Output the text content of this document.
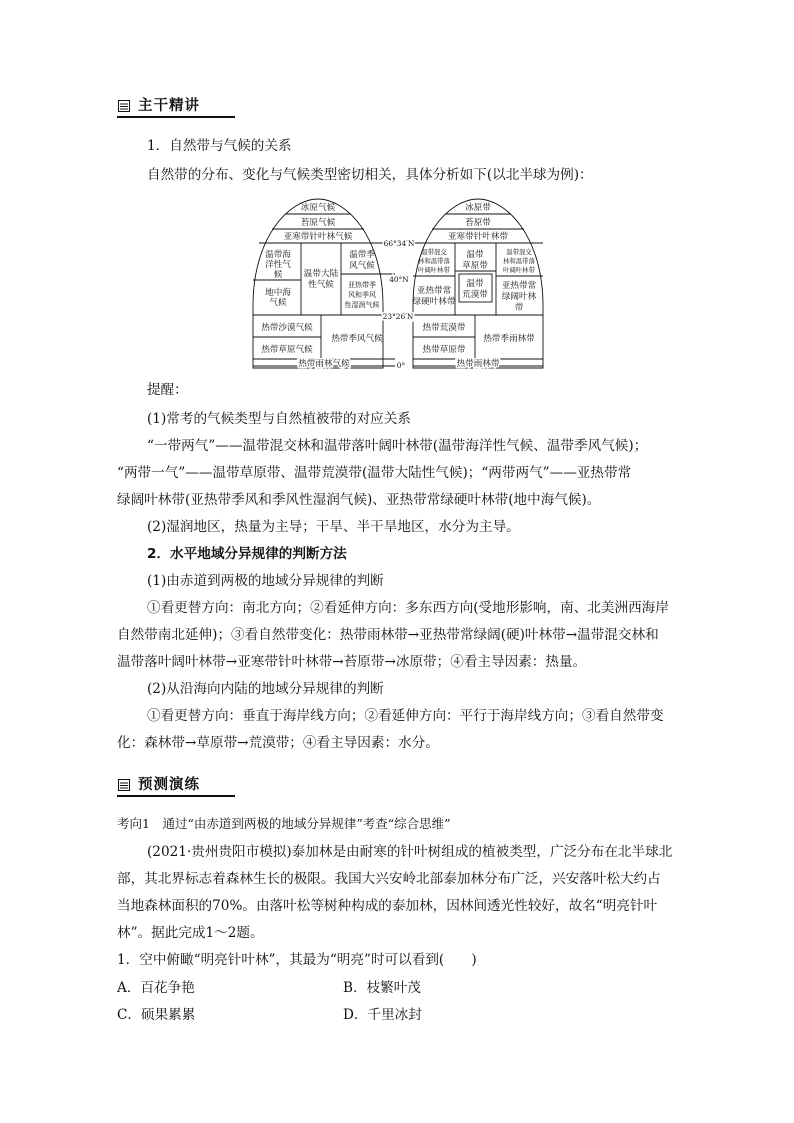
主干精讲
1．自然带与气候的关系
自然带的分布、变化与气候类型密切相关，具体分析如下(以北半球为例)：
冰原气候
苔原气候
亚寒带针叶林气候
温带海
洋性气
候
地中海
气候
温带大陆
性气候
温带季
风气候
亚热带季
风和季风
性湿润气候
热带沙漠气候
热带草原气候
热带季风气候
热带雨林气候
冰原带
苔原带
亚寒带针叶林带
温带混交
林和温带落
叶阔叶林带
温带混交
林和温带落
叶阔叶林带
温带
草原带
温带
荒漠带
亚热带常
绿硬叶林带
亚热带常
绿阔叶林
带
热带荒漠带
热带草原带
热带季雨林带
热带雨林带
66°34′N
40°N
23°26′N
0°
提醒：
(1)常考的气候类型与自然植被带的对应关系
“一带两气”——温带混交林和温带落叶阔叶林带(温带海洋性气候、温带季风气候)；
“两带一气”——温带草原带、温带荒漠带(温带大陆性气候)；“两带两气”——亚热带常
绿阔叶林带(亚热带季风和季风性湿润气候)、亚热带常绿硬叶林带(地中海气候)。
(2)湿润地区，热量为主导；干旱、半干旱地区，水分为主导。
2．水平地域分异规律的判断方法
(1)由赤道到两极的地域分异规律的判断
①看更替方向：南北方向；②看延伸方向：多东西方向(受地形影响，南、北美洲西海岸
自然带南北延伸)；③看自然带变化：热带雨林带→亚热带常绿阔(硬)叶林带→温带混交林和
温带落叶阔叶林带→亚寒带针叶林带→苔原带→冰原带；④看主导因素：热量。
(2)从沿海向内陆的地域分异规律的判断
①看更替方向：垂直于海岸线方向；②看延伸方向：平行于海岸线方向；③看自然带变
化：森林带→草原带→荒漠带；④看主导因素：水分。
预测演练
考向1　通过“由赤道到两极的地域分异规律”考查“综合思维”
(2021·贵州贵阳市模拟)泰加林是由耐寒的针叶树组成的植被类型，广泛分布在北半球北
部，其北界标志着森林生长的极限。我国大兴安岭北部泰加林分布广泛，兴安落叶松大约占
当地森林面积的70%。由落叶松等树种构成的泰加林，因林间透光性较好，故名“明亮针叶
林”。据此完成1～2题。
1．空中俯瞰“明亮针叶林”，其最为“明亮”时可以看到(　　)
A．百花争艳	B．枝繁叶茂
C．硕果累累	D．千里冰封
